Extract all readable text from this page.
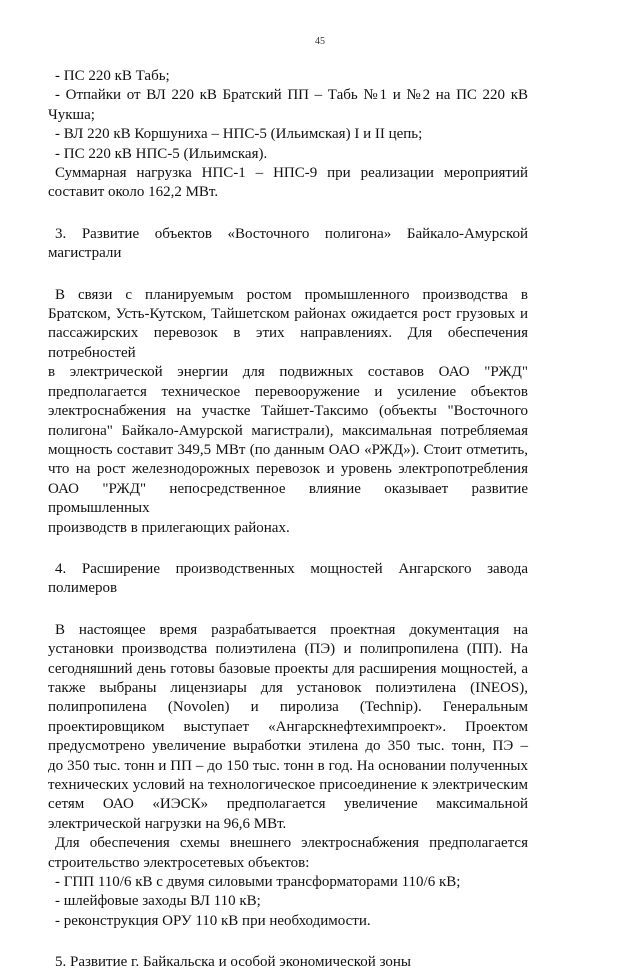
45
- ПС 220 кВ Табь;
- Отпайки от ВЛ 220 кВ Братский ПП – Табь №1 и №2 на ПС 220 кВ
Чукша;
- ВЛ 220 кВ Коршуниха – НПС-5 (Ильимская) I и II цепь;
- ПС 220 кВ НПС-5 (Ильимская).
Суммарная нагрузка НПС-1 – НПС-9 при реализации мероприятий
составит около 162,2 МВт.
3. Развитие объектов «Восточного полигона» Байкало-Амурской
магистрали
В связи с планируемым ростом промышленного производства в
Братском, Усть-Кутском, Тайшетском районах ожидается рост грузовых и
пассажирских перевозок в этих направлениях. Для обеспечения потребностей
в электрической энергии для подвижных составов ОАО "РЖД"
предполагается техническое перевооружение и усиление объектов
электроснабжения на участке Тайшет-Таксимо (объекты "Восточного
полигона" Байкало-Амурской магистрали), максимальная потребляемая
мощность составит 349,5 МВт (по данным ОАО «РЖД»). Стоит отметить,
что на рост железнодорожных перевозок и уровень электропотребления
ОАО "РЖД" непосредственное влияние оказывает развитие промышленных
производств в прилегающих районах.
4. Расширение производственных мощностей Ангарского завода
полимеров
В настоящее время разрабатывается проектная документация на
установки производства полиэтилена (ПЭ) и полипропилена (ПП). На
сегодняшний день готовы базовые проекты для расширения мощностей, а
также выбраны лицензиары для установок полиэтилена (INEOS),
полипропилена (Novolen) и пиролиза (Technip). Генеральным
проектировщиком выступает «Ангарскнефтехимпроект». Проектом
предусмотрено увеличение выработки этилена до 350 тыс. тонн, ПЭ –
до 350 тыс. тонн и ПП – до 150 тыс. тонн в год. На основании полученных
технических условий на технологическое присоединение к электрическим
сетям ОАО «ИЭСК» предполагается увеличение максимальной
электрической нагрузки на 96,6 МВт.
Для обеспечения схемы внешнего электроснабжения предполагается
строительство электросетевых объектов:
- ГПП 110/6 кВ с двумя силовыми трансформаторами 110/6 кВ;
- шлейфовые заходы ВЛ 110 кВ;
- реконструкция ОРУ 110 кВ при необходимости.
5. Развитие г. Байкальска и особой экономической зоны
